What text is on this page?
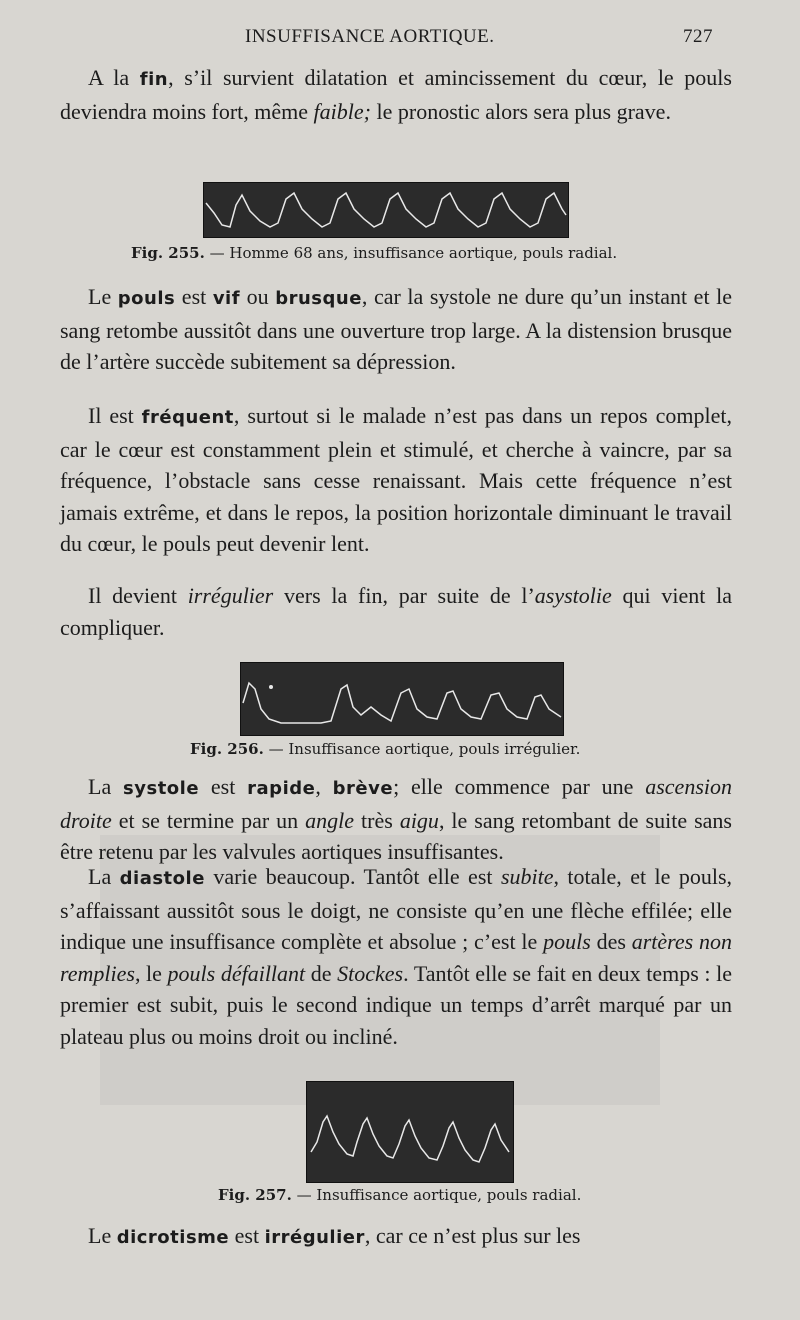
INSUFFISANCE AORTIQUE.	727

A la fin, s’il survient dilatation et amincissement du cœur, le pouls deviendra moins fort, même faible; le pronostic alors sera plus grave.

Fig. 255. — Homme 68 ans, insuffisance aortique, pouls radial.

Le pouls est vif ou brusque, car la systole ne dure qu’un instant et le sang retombe aussitôt dans une ouverture trop large. A la distension brusque de l’artère succède subitement sa dépression.

Il est fréquent, surtout si le malade n’est pas dans un repos complet, car le cœur est constamment plein et stimulé, et cherche à vaincre, par sa fréquence, l’obstacle sans cesse renaissant. Mais cette fréquence n’est jamais extrême, et dans le repos, la position horizontale diminuant le travail du cœur, le pouls peut devenir lent.

Il devient irrégulier vers la fin, par suite de l’asystolie qui vient la compliquer.

Fig. 256. — Insuffisance aortique, pouls irrégulier.

La systole est rapide, brève; elle commence par une ascension droite et se termine par un angle très aigu, le sang retombant de suite sans être retenu par les valvules aortiques insuffisantes.

La diastole varie beaucoup. Tantôt elle est subite, totale, et le pouls, s’affaissant aussitôt sous le doigt, ne consiste qu’en une flèche effilée; elle indique une insuffisance complète et absolue ; c’est le pouls des artères non remplies, le pouls défaillant de Stockes. Tantôt elle se fait en deux temps : le premier est subit, puis le second indique un temps d’arrêt marqué par un plateau plus ou moins droit ou incliné.

Fig. 257. — Insuffisance aortique, pouls radial.

Le dicrotisme est irrégulier, car ce n’est plus sur les
